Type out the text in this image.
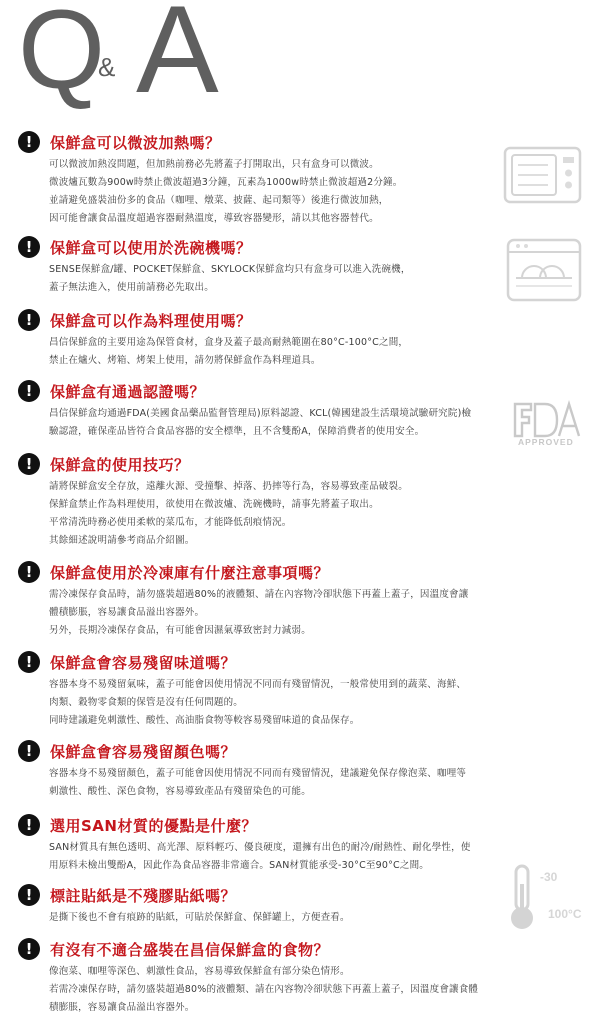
Q
& A
! 保鮮盒可以微波加熱嗎？
可以微波加熱沒問題，但加熱前務必先將蓋子打開取出，只有盒身可以微波。
微波爐瓦數為900w時禁止微波超過3分鐘，瓦素為1000w時禁止微波超過2分鐘。
並請避免盛裝油份多的食品（咖哩、燉菜、披薩、起司類等）後進行微波加熱，
因可能會讓食品溫度超過容器耐熱溫度，導致容器變形，請以其他容器替代。
! 保鮮盒可以使用於洗碗機嗎？
SENSE保鮮盒/罐、POCKET保鮮盒、SKYLOCK保鮮盒均只有盒身可以進入洗碗機，
蓋子無法進入，使用前請務必先取出。
! 保鮮盒可以作為料理使用嗎？
昌信保鮮盒的主要用途為保管食材，盒身及蓋子最高耐熱範圍在80°C-100°C之間，
禁止在爐火、烤箱、烤架上使用，請勿將保鮮盒作為料理道具。
! 保鮮盒有通過認證嗎？
昌信保鮮盒均通過FDA(美國食品藥品監督管理局)原料認證、KCL(韓國建設生活環境試驗研究院)檢
驗認證，確保產品皆符合食品容器的安全標準，且不含雙酚A，保障消費者的使用安全。
! 保鮮盒的使用技巧？
請將保鮮盒安全存放，遠離火源、受撞擊、掉落、扔摔等行為，容易導致產品破裂。
保鮮盒禁止作為料理使用，欲使用在微波爐、洗碗機時，請事先將蓋子取出。
平常清洗時務必使用柔軟的菜瓜布，才能降低刮痕情況。
其餘細述說明請參考商品介紹圖。
! 保鮮盒使用於冷凍庫有什麼注意事項嗎？
需冷凍保存食品時，請勿盛裝超過80%的液體類、請在內容物冷卻狀態下再蓋上蓋子，因溫度會讓
體積膨脹，容易讓食品溢出容器外。
另外，長期冷凍保存食品，有可能會因濕氣導致密封力減弱。
! 保鮮盒會容易殘留味道嗎？
容器本身不易殘留氣味，蓋子可能會因使用情況不同而有殘留情況，一般常使用到的蔬菜、海鮮、
肉類、穀物零食類的保管是沒有任何問題的。
同時建議避免刺激性、酸性、高油脂食物等較容易殘留味道的食品保存。
! 保鮮盒會容易殘留顏色嗎？
容器本身不易殘留顏色，蓋子可能會因使用情況不同而有殘留情況，建議避免保存像泡菜、咖哩等
刺激性、酸性、深色食物，容易導致產品有殘留染色的可能。
! 選用SAN材質的優點是什麼？
SAN材質具有無色透明、高光澤、原料輕巧、優良硬度，還擁有出色的耐冷/耐熱性、耐化學性，使
用原料未檢出雙酚A，因此作為食品容器非常適合。SAN材質能承受-30°C至90°C之間。
! 標註貼紙是不殘膠貼紙嗎？
是撕下後也不會有痕跡的貼紙，可貼於保鮮盒、保鮮罐上，方便查看。
! 有沒有不適合盛裝在昌信保鮮盒的食物？
像泡菜、咖哩等深色、刺激性食品，容易導致保鮮盒有部分染色情形。
若需冷凍保存時，請勿盛裝超過80%的液體類、請在內容物冷卻狀態下再蓋上蓋子，因溫度會讓食體
積膨脹，容易讓食品溢出容器外。
APPROVED
-30
100°C
